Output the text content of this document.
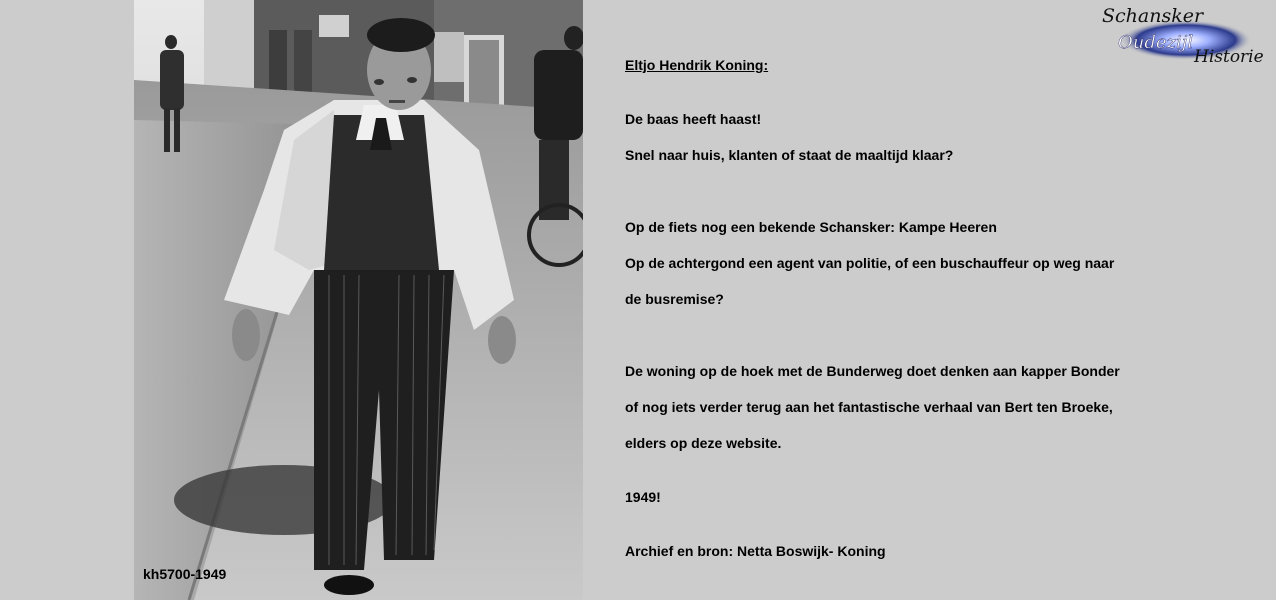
kh5700-1949
Schansker
Oudezijl
Historie
Eltjo Hendrik Koning:
De baas heeft haast!
Snel naar huis, klanten of staat de maaltijd klaar?
Op de fiets nog een bekende Schansker: Kampe Heeren
Op de achtergond een agent van politie, of een buschauffeur op weg naar
de busremise?
De woning op de hoek met de Bunderweg doet denken aan kapper Bonder
of nog iets verder terug aan het fantastische verhaal van Bert ten Broeke,
elders op deze website.
1949!
Archief en bron: Netta Boswijk- Koning
